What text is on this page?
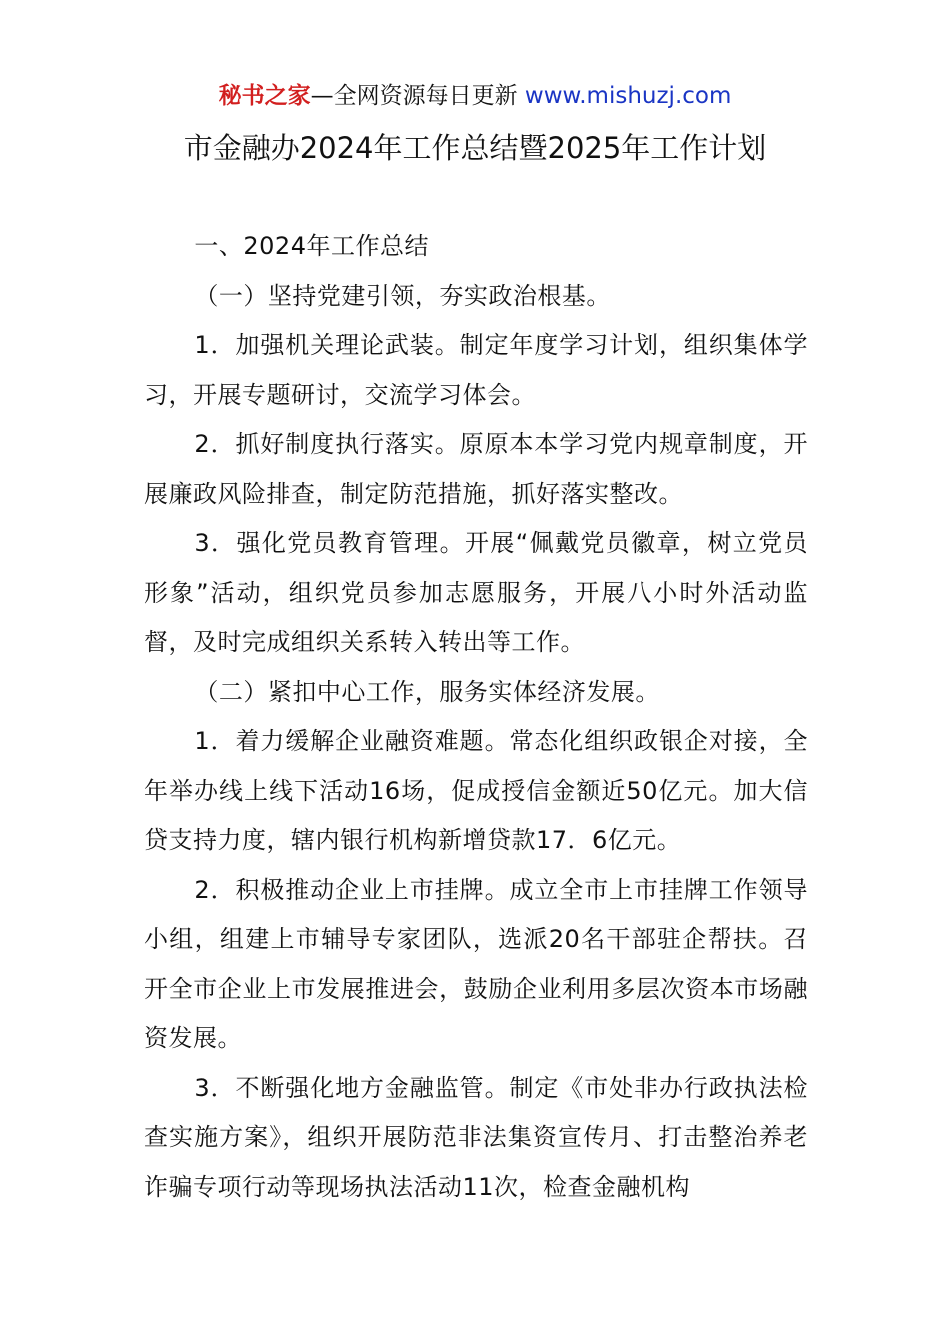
秘书之家—全网资源每日更新 www.mishuzj.com
市金融办2024年工作总结暨2025年工作计划

一、2024年工作总结

（一）坚持党建引领，夯实政治根基。

1．加强机关理论武装。制定年度学习计划，组织集体学习，开展专题研讨，交流学习体会。

2．抓好制度执行落实。原原本本学习党内规章制度，开展廉政风险排查，制定防范措施，抓好落实整改。

3．强化党员教育管理。开展“佩戴党员徽章，树立党员形象”活动，组织党员参加志愿服务，开展八小时外活动监督，及时完成组织关系转入转出等工作。

（二）紧扣中心工作，服务实体经济发展。

1．着力缓解企业融资难题。常态化组织政银企对接，全年举办线上线下活动16场，促成授信金额近50亿元。加大信贷支持力度，辖内银行机构新增贷款17．6亿元。

2．积极推动企业上市挂牌。成立全市上市挂牌工作领导小组，组建上市辅导专家团队，选派20名干部驻企帮扶。召开全市企业上市发展推进会，鼓励企业利用多层次资本市场融资发展。

3．不断强化地方金融监管。制定《市处非办行政执法检查实施方案》，组织开展防范非法集资宣传月、打击整治养老诈骗专项行动等现场执法活动11次，检查金融机构
